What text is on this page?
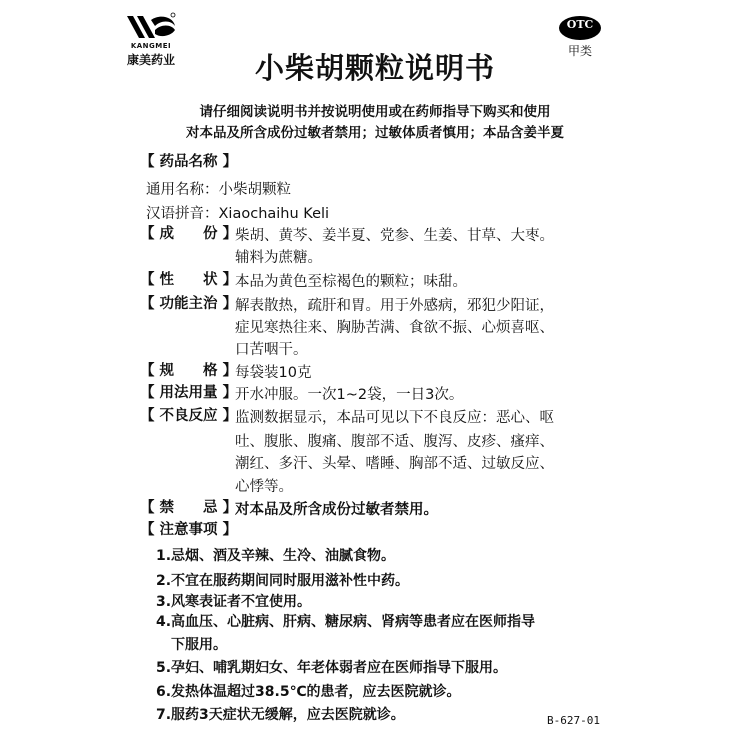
KANGMEI
康美药业
OTC
甲类
小柴胡颗粒说明书
请仔细阅读说明书并按说明使用或在药师指导下购买和使用
对本品及所含成份过敏者禁用；过敏体质者慎用；本品含姜半夏
【 药品名称 】
通用名称：小柴胡颗粒
汉语拼音：Xiaochaihu Keli
【 成　　份 】
柴胡、黄芩、姜半夏、党参、生姜、甘草、大枣。
辅料为蔗糖。
【 性　　状 】
本品为黄色至棕褐色的颗粒；味甜。
【 功能主治 】
解表散热，疏肝和胃。用于外感病，邪犯少阳证，
症见寒热往来、胸胁苦满、食欲不振、心烦喜呕、
口苦咽干。
【 规　　格 】
每袋装10克
【 用法用量 】
开水冲服。一次1~2袋，一日3次。
【 不良反应 】
监测数据显示，本品可见以下不良反应：恶心、呕
吐、腹胀、腹痛、腹部不适、腹泻、皮疹、瘙痒、
潮红、多汗、头晕、嗜睡、胸部不适、过敏反应、
心悸等。
【 禁　　忌 】
对本品及所含成份过敏者禁用。
【 注意事项 】
1.忌烟、酒及辛辣、生冷、油腻食物。
2.不宜在服药期间同时服用滋补性中药。
3.风寒表证者不宜使用。
4.高血压、心脏病、肝病、糖尿病、肾病等患者应在医师指导
下服用。
5.孕妇、哺乳期妇女、年老体弱者应在医师指导下服用。
6.发热体温超过38.5℃的患者，应去医院就诊。
7.服药3天症状无缓解，应去医院就诊。	B-627-01
